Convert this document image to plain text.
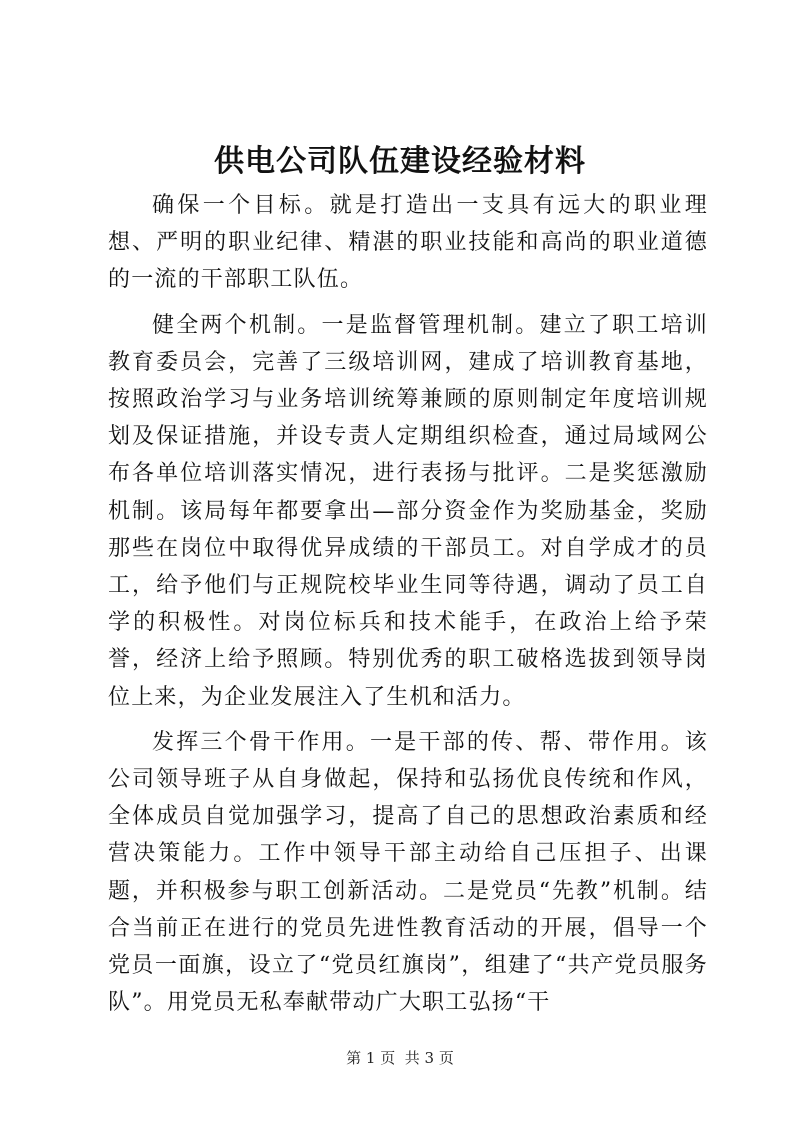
供电公司队伍建设经验材料

确保一个目标。就是打造出一支具有远大的职业理想、严明的职业纪律、精湛的职业技能和高尚的职业道德的一流的干部职工队伍。

健全两个机制。一是监督管理机制。建立了职工培训教育委员会，完善了三级培训网，建成了培训教育基地，按照政治学习与业务培训统筹兼顾的原则制定年度培训规划及保证措施，并设专责人定期组织检查，通过局域网公布各单位培训落实情况，进行表扬与批评。二是奖惩激励机制。该局每年都要拿出—部分资金作为奖励基金，奖励那些在岗位中取得优异成绩的干部员工。对自学成才的员工，给予他们与正规院校毕业生同等待遇，调动了员工自学的积极性。对岗位标兵和技术能手，在政治上给予荣誉，经济上给予照顾。特别优秀的职工破格选拔到领导岗位上来，为企业发展注入了生机和活力。

发挥三个骨干作用。一是干部的传、帮、带作用。该公司领导班子从自身做起，保持和弘扬优良传统和作风，全体成员自觉加强学习，提高了自己的思想政治素质和经营决策能力。工作中领导干部主动给自己压担子、出课题，并积极参与职工创新活动。二是党员“先教”机制。结合当前正在进行的党员先进性教育活动的开展，倡导一个党员一面旗，设立了“党员红旗岗”，组建了“共产党员服务队”。用党员无私奉献带动广大职工弘扬“干

第 1 页  共 3 页
